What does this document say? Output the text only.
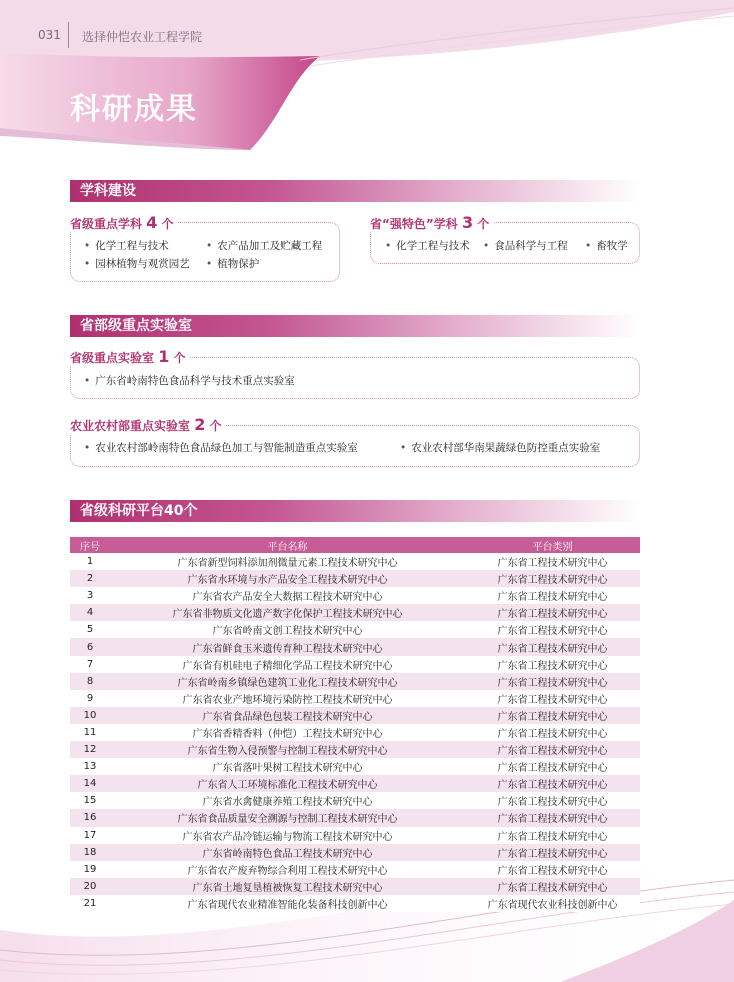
031 选择仲恺农业工程学院
科研成果
学科建设
省级重点学科 4 个
• 化学工程与技术	• 农产品加工及贮藏工程
• 园林植物与观赏园艺	• 植物保护
省“强特色”学科 3 个
• 化学工程与技术	• 食品科学与工程	• 畜牧学
省部级重点实验室
省级重点实验室 1 个
• 广东省岭南特色食品科学与技术重点实验室
农业农村部重点实验室 2 个
• 农业农村部岭南特色食品绿色加工与智能制造重点实验室	• 农业农村部华南果蔬绿色防控重点实验室
省级科研平台40个
序号	平台名称	平台类别
1	广东省新型饲料添加剂微量元素工程技术研究中心	广东省工程技术研究中心
2	广东省水环境与水产品安全工程技术研究中心	广东省工程技术研究中心
3	广东省农产品安全大数据工程技术研究中心	广东省工程技术研究中心
4	广东省非物质文化遗产数字化保护工程技术研究中心	广东省工程技术研究中心
5	广东省岭南文创工程技术研究中心	广东省工程技术研究中心
6	广东省鲜食玉米遗传育种工程技术研究中心	广东省工程技术研究中心
7	广东省有机硅电子精细化学品工程技术研究中心	广东省工程技术研究中心
8	广东省岭南乡镇绿色建筑工业化工程技术研究中心	广东省工程技术研究中心
9	广东省农业产地环境污染防控工程技术研究中心	广东省工程技术研究中心
10	广东省食品绿色包装工程技术研究中心	广东省工程技术研究中心
11	广东省香精香料（仲恺）工程技术研究中心	广东省工程技术研究中心
12	广东省生物入侵预警与控制工程技术研究中心	广东省工程技术研究中心
13	广东省落叶果树工程技术研究中心	广东省工程技术研究中心
14	广东省人工环境标准化工程技术研究中心	广东省工程技术研究中心
15	广东省水禽健康养殖工程技术研究中心	广东省工程技术研究中心
16	广东省食品质量安全溯源与控制工程技术研究中心	广东省工程技术研究中心
17	广东省农产品冷链运输与物流工程技术研究中心	广东省工程技术研究中心
18	广东省岭南特色食品工程技术研究中心	广东省工程技术研究中心
19	广东省农产废弃物综合利用工程技术研究中心	广东省工程技术研究中心
20	广东省土地复垦植被恢复工程技术研究中心	广东省工程技术研究中心
21	广东省现代农业精准智能化装备科技创新中心	广东省现代农业科技创新中心
